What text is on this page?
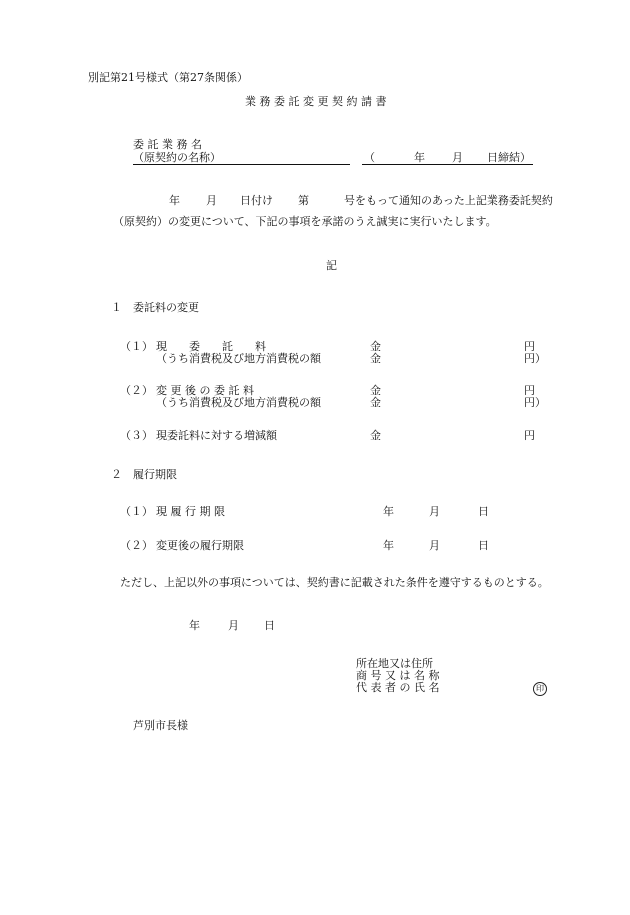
別記第21号様式（第27条関係）
業 務 委 託 変 更 契 約 請 書
委 託 業 務 名
（原契約の名称）	（	年 月 日締結）
年 月 日付け 第	号をもって通知のあった上記業務委託契約
（原契約）の変更について、下記の事項を承諾のうえ誠実に実行いたします。
記
１　委託料の変更
（１） 現　　委　　託　　料	金	円
（うち消費税及び地方消費税の額	金	円）
（２） 変 更 後 の 委 託 料	金	円
（うち消費税及び地方消費税の額	金	円）
（３） 現委託料に対する増減額	金	円
２　履行期限
（１） 現 履 行 期 限	年	月	日
（２） 変更後の履行期限	年	月	日
ただし、上記以外の事項については、契約書に記載された条件を遵守するものとする。
年	月 日
所在地又は住所
商 号 又 は 名 称
代 表 者 の 氏 名	印
芦別市長様
